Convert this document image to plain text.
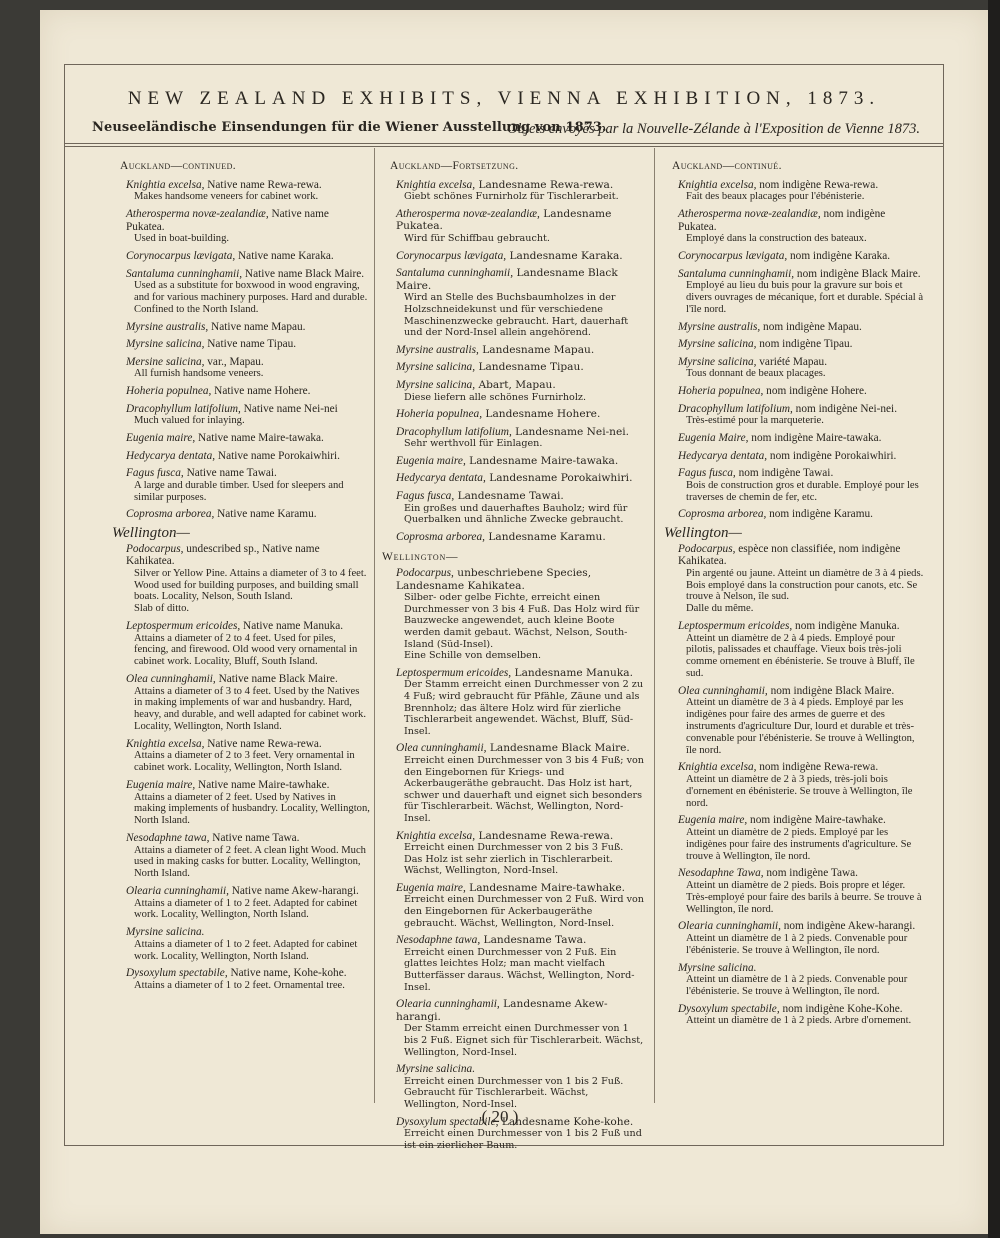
NEW ZEALAND EXHIBITS, VIENNA EXHIBITION, 1873.
Neuseeländische Einsendungen für die Wiener Ausstellung von 1873.
Objets envoyés par la Nouvelle-Zélande à l'Exposition de Vienne 1873.
Auckland—continued.
Knightia excelsa, Native name Rewa-rewa.
Makes handsome veneers for cabinet work.
Atherosperma novæ-zealandiæ, Native name Pukatea.
Used in boat-building.
Corynocarpus lævigata, Native name Karaka.
Santaluma cunninghamii, Native name Black Maire.
Used as a substitute for boxwood in wood engraving, and for various machinery purposes. Hard and durable. Confined to the North Island.
Myrsine australis, Native name Mapau.
Myrsine salicina, Native name Tipau.
Mersine salicina, var., Mapau.
All furnish handsome veneers.
Hoheria populnea, Native name Hohere.
Dracophyllum latifolium, Native name Nei-nei
Much valued for inlaying.
Eugenia maire, Native name Maire-tawaka.
Hedycarya dentata, Native name Porokaiwhiri.
Fagus fusca, Native name Tawai.
A large and durable timber. Used for sleepers and similar purposes.
Coprosma arborea, Native name Karamu.
Wellington—
Podocarpus, undescribed sp., Native name Kahikatea.
Silver or Yellow Pine. Attains a diameter of 3 to 4 feet. Wood used for building purposes, and building small boats. Locality, Nelson, South Island.
Slab of ditto.
Leptospermum ericoides, Native name Manuka.
Attains a diameter of 2 to 4 feet. Used for piles, fencing, and firewood. Old wood very ornamental in cabinet work. Locality, Bluff, South Island.
Olea cunninghamii, Native name Black Maire.
Attains a diameter of 3 to 4 feet. Used by the Natives in making implements of war and husbandry. Hard, heavy, and durable, and well adapted for cabinet work. Locality, Wellington, North Island.
Knightia excelsa, Native name Rewa-rewa.
Attains a diameter of 2 to 3 feet. Very ornamental in cabinet work. Locality, Wellington, North Island.
Eugenia maire, Native name Maire-tawhake.
Attains a diameter of 2 feet. Used by Natives in making implements of husbandry. Locality, Wellington, North Island.
Nesodaphne tawa, Native name Tawa.
Attains a diameter of 2 feet. A clean light Wood. Much used in making casks for butter. Locality, Wellington, North Island.
Olearia cunninghamii, Native name Akew-harangi.
Attains a diameter of 1 to 2 feet. Adapted for cabinet work. Locality, Wellington, North Island.
Myrsine salicina.
Attains a diameter of 1 to 2 feet. Adapted for cabinet work. Locality, Wellington, North Island.
Dysoxylum spectabile, Native name, Kohe-kohe.
Attains a diameter of 1 to 2 feet. Ornamental tree.
Auckland—Fortsetzung.
Knightia excelsa, Landesname Rewa-rewa.
Giebt schönes Furnirholz für Tischlerarbeit.
Atherosperma novæ-zealandiæ, Landesname Pukatea.
Wird für Schiffbau gebraucht.
Corynocarpus lævigata, Landesname Karaka.
Santaluma cunninghamii, Landesname Black Maire.
Wird an Stelle des Buchsbaumholzes in der Holzschneidekunst und für verschiedene Maschinenzwecke gebraucht. Hart, dauerhaft und der Nord-Insel allein angehörend.
Myrsine australis, Landesname Mapau.
Myrsine salicina, Landesname Tipau.
Myrsine salicina, Abart, Mapau.
Diese liefern alle schönes Furnirholz.
Hoheria populnea, Landesname Hohere.
Dracophyllum latifolium, Landesname Nei-nei.
Sehr werthvoll für Einlagen.
Eugenia maire, Landesname Maire-tawaka.
Hedycarya dentata, Landesname Porokaiwhiri.
Fagus fusca, Landesname Tawai.
Ein großes und dauerhaftes Bauholz; wird für Querbalken und ähnliche Zwecke gebraucht.
Coprosma arborea, Landesname Karamu.
Wellington—
Podocarpus, unbeschriebene Species, Landesname Kahikatea.
Silber- oder gelbe Fichte, erreicht einen Durchmesser von 3 bis 4 Fuß. Das Holz wird für Bauzwecke angewendet, auch kleine Boote werden damit gebaut. Wächst, Nelson, South-Island (Süd-Insel).
Eine Schille von demselben.
Leptospermum ericoides, Landesname Manuka.
Der Stamm erreicht einen Durchmesser von 2 zu 4 Fuß; wird gebraucht für Pfähle, Zäune und als Brennholz; das ältere Holz wird für zierliche Tischlerarbeit angewendet. Wächst, Bluff, Süd-Insel.
Olea cunninghamii, Landesname Black Maire.
Erreicht einen Durchmesser von 3 bis 4 Fuß; von den Eingebornen für Kriegs- und Ackerbaugeräthe gebraucht. Das Holz ist hart, schwer und dauerhaft und eignet sich besonders für Tischlerarbeit. Wächst, Wellington, Nord-Insel.
Knightia excelsa, Landesname Rewa-rewa.
Erreicht einen Durchmesser von 2 bis 3 Fuß. Das Holz ist sehr zierlich in Tischlerarbeit. Wächst, Wellington, Nord-Insel.
Eugenia maire, Landesname Maire-tawhake.
Erreicht einen Durchmesser von 2 Fuß. Wird von den Eingebornen für Ackerbaugeräthe gebraucht. Wächst, Wellington, Nord-Insel.
Nesodaphne tawa, Landesname Tawa.
Erreicht einen Durchmesser von 2 Fuß. Ein glattes leichtes Holz; man macht vielfach Butterfässer daraus. Wächst, Wellington, Nord-Insel.
Olearia cunninghamii, Landesname Akew-harangi.
Der Stamm erreicht einen Durchmesser von 1 bis 2 Fuß. Eignet sich für Tischlerarbeit. Wächst, Wellington, Nord-Insel.
Myrsine salicina.
Erreicht einen Durchmesser von 1 bis 2 Fuß. Gebraucht für Tischlerarbeit. Wächst, Wellington, Nord-Insel.
Dysoxylum spectabile, Landesname Kohe-kohe.
Erreicht einen Durchmesser von 1 bis 2 Fuß und ist ein zierlicher Baum.
Auckland—continué.
Knightia excelsa, nom indigène Rewa-rewa.
Fait des beaux placages pour l'ébénisterie.
Atherosperma novæ-zealandiæ, nom indigène Pukatea.
Employé dans la construction des bateaux.
Corynocarpus lævigata, nom indigène Karaka.
Santaluma cunninghamii, nom indigène Black Maire.
Employé au lieu du buis pour la gravure sur bois et divers ouvrages de mécanique, fort et durable. Spécial à l'île nord.
Myrsine australis, nom indigène Mapau.
Myrsine salicina, nom indigène Tipau.
Myrsine salicina, variété Mapau.
Tous donnant de beaux placages.
Hoheria populnea, nom indigène Hohere.
Dracophyllum latifolium, nom indigène Nei-nei.
Très-estimé pour la marqueterie.
Eugenia Maire, nom indigène Maire-tawaka.
Hedycarya dentata, nom indigène Porokaiwhiri.
Fagus fusca, nom indigène Tawai.
Bois de construction gros et durable. Employé pour les traverses de chemin de fer, etc.
Coprosma arborea, nom indigène Karamu.
Wellington—
Podocarpus, espèce non classifiée, nom indigène Kahikatea.
Pin argenté ou jaune. Atteint un diamètre de 3 à 4 pieds. Bois employé dans la construction pour canots, etc. Se trouve à Nelson, île sud.
Dalle du même.
Leptospermum ericoides, nom indigène Manuka.
Atteint un diamètre de 2 à 4 pieds. Employé pour pilotis, palissades et chauffage. Vieux bois très-joli comme ornement en ébénisterie. Se trouve à Bluff, île sud.
Olea cunninghamii, nom indigène Black Maire.
Atteint un diamètre de 3 à 4 pieds. Employé par les indigènes pour faire des armes de guerre et des instruments d'agriculture Dur, lourd et durable et très-convenable pour l'ébénisterie. Se trouve à Wellington, île nord.
Knightia excelsa, nom indigène Rewa-rewa.
Atteint un diamètre de 2 à 3 pieds, très-joli bois d'ornement en ébénisterie. Se trouve à Wellington, île nord.
Eugenia maire, nom indigène Maire-tawhake.
Atteint un diamètre de 2 pieds. Employé par les indigènes pour faire des instruments d'agriculture. Se trouve à Wellington, île nord.
Nesodaphne Tawa, nom indigène Tawa.
Atteint un diamètre de 2 pieds. Bois propre et léger. Très-employé pour faire des barils à beurre. Se trouve à Wellington, île nord.
Olearia cunninghamii, nom indigène Akew-harangi.
Atteint un diamètre de 1 à 2 pieds. Convenable pour l'ébénisterie. Se trouve à Wellington, île nord.
Myrsine salicina.
Atteint un diamètre de 1 à 2 pieds. Convenable pour l'ébénisterie. Se trouve à Wellington, île nord.
Dysoxylum spectabile, nom indigène Kohe-Kohe.
Atteint un diamètre de 1 à 2 pieds. Arbre d'ornement.
( 20 )
